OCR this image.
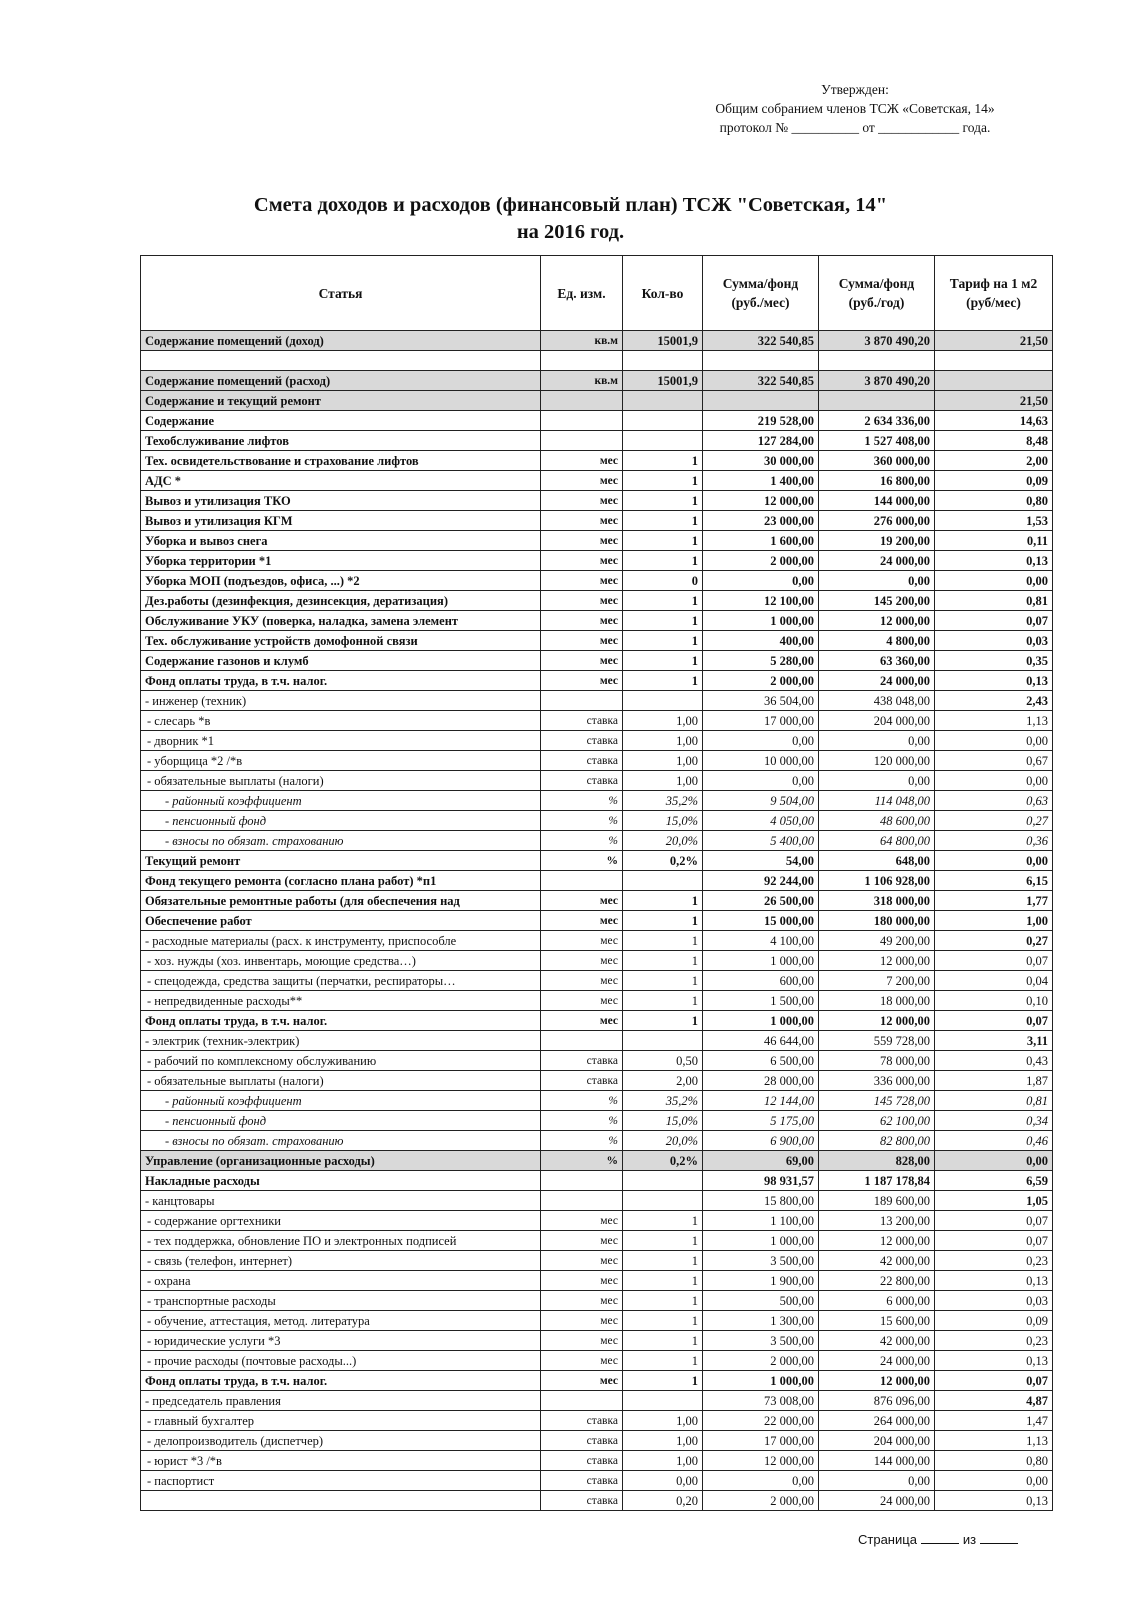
Утвержден:
Общим собранием членов ТСЖ «Советская, 14»
протокол № __________ от ____________ года.
Смета доходов и расходов (финансовый план) ТСЖ "Советская, 14"
на 2016 год.
Статья	Ед. изм.	Кол-во	Сумма/фонд (руб./мес)	Сумма/фонд (руб./год)	Тариф на 1 м2 (руб/мес)
Содержание помещений (доход)	кв.м	15001,9	322 540,85	3 870 490,20	21,50

Содержание помещений (расход)	кв.м	15001,9	322 540,85	3 870 490,20	
Содержание и текущий ремонт					21,50
Содержание			219 528,00	2 634 336,00	14,63
Техобслуживание лифтов			127 284,00	1 527 408,00	8,48
Тех. освидетельствование и страхование лифтов	мес	1	30 000,00	360 000,00	2,00
АДС *	мес	1	1 400,00	16 800,00	0,09
Вывоз и утилизация ТКО	мес	1	12 000,00	144 000,00	0,80
Вывоз и утилизация КГМ	мес	1	23 000,00	276 000,00	1,53
Уборка и вывоз снега	мес	1	1 600,00	19 200,00	0,11
Уборка территории *1	мес	1	2 000,00	24 000,00	0,13
Уборка МОП (подъездов, офиса, ...) *2	мес	0	0,00	0,00	0,00
Дез.работы (дезинфекция, дезинсекция, дератизация)	мес	1	12 100,00	145 200,00	0,81
Обслуживание УКУ (поверка, наладка, замена элемент	мес	1	1 000,00	12 000,00	0,07
Тех. обслуживание устройств домофонной связи	мес	1	400,00	4 800,00	0,03
Содержание газонов и клумб	мес	1	5 280,00	63 360,00	0,35
Фонд оплаты труда, в т.ч. налог.	мес	1	2 000,00	24 000,00	0,13
- инженер (техник)			36 504,00	438 048,00	2,43
- слесарь *в	ставка	1,00	17 000,00	204 000,00	1,13
- дворник *1	ставка	1,00	0,00	0,00	0,00
- уборщица *2 /*в	ставка	1,00	10 000,00	120 000,00	0,67
- обязательные выплаты (налоги)	ставка	1,00	0,00	0,00	0,00
- районный коэффициент	%	35,2%	9 504,00	114 048,00	0,63
- пенсионный фонд	%	15,0%	4 050,00	48 600,00	0,27
- взносы по обязат. страхованию	%	20,0%	5 400,00	64 800,00	0,36
Текущий ремонт	%	0,2%	54,00	648,00	0,00
Фонд текущего ремонта (согласно плана работ) *п1			92 244,00	1 106 928,00	6,15
Обязательные ремонтные работы (для обеспечения над	мес	1	26 500,00	318 000,00	1,77
Обеспечение работ	мес	1	15 000,00	180 000,00	1,00
- расходные материалы (расх. к инструменту, приспособле	мес	1	4 100,00	49 200,00	0,27
- хоз. нужды (хоз. инвентарь, моющие средства…)	мес	1	1 000,00	12 000,00	0,07
- спецодежда, средства защиты (перчатки, респираторы…	мес	1	600,00	7 200,00	0,04
- непредвиденные расходы**	мес	1	1 500,00	18 000,00	0,10
Фонд оплаты труда, в т.ч. налог.	мес	1	1 000,00	12 000,00	0,07
- электрик (техник-электрик)			46 644,00	559 728,00	3,11
- рабочий по комплексному обслуживанию	ставка	0,50	6 500,00	78 000,00	0,43
- обязательные выплаты (налоги)	ставка	2,00	28 000,00	336 000,00	1,87
- районный коэффициент	%	35,2%	12 144,00	145 728,00	0,81
- пенсионный фонд	%	15,0%	5 175,00	62 100,00	0,34
- взносы по обязат. страхованию	%	20,0%	6 900,00	82 800,00	0,46
Управление (организационные расходы)	%	0,2%	69,00	828,00	0,00
Накладные расходы			98 931,57	1 187 178,84	6,59
- канцтовары			15 800,00	189 600,00	1,05
- содержание оргтехники	мес	1	1 100,00	13 200,00	0,07
- тех поддержка, обновление ПО и электронных подписей	мес	1	1 000,00	12 000,00	0,07
- связь (телефон, интернет)	мес	1	3 500,00	42 000,00	0,23
- охрана	мес	1	1 900,00	22 800,00	0,13
- транспортные расходы	мес	1	500,00	6 000,00	0,03
- обучение, аттестация, метод. литература	мес	1	1 300,00	15 600,00	0,09
- юридические услуги *3	мес	1	3 500,00	42 000,00	0,23
- прочие расходы (почтовые расходы...)	мес	1	2 000,00	24 000,00	0,13
Фонд оплаты труда, в т.ч. налог.	мес	1	1 000,00	12 000,00	0,07
- председатель правления			73 008,00	876 096,00	4,87
- главный бухгалтер	ставка	1,00	22 000,00	264 000,00	1,47
- делопроизводитель (диспетчер)	ставка	1,00	17 000,00	204 000,00	1,13
- юрист *3 /*в	ставка	1,00	12 000,00	144 000,00	0,80
- паспортист	ставка	0,00	0,00	0,00	0,00
	ставка	0,20	2 000,00	24 000,00	0,13
Страница	из
